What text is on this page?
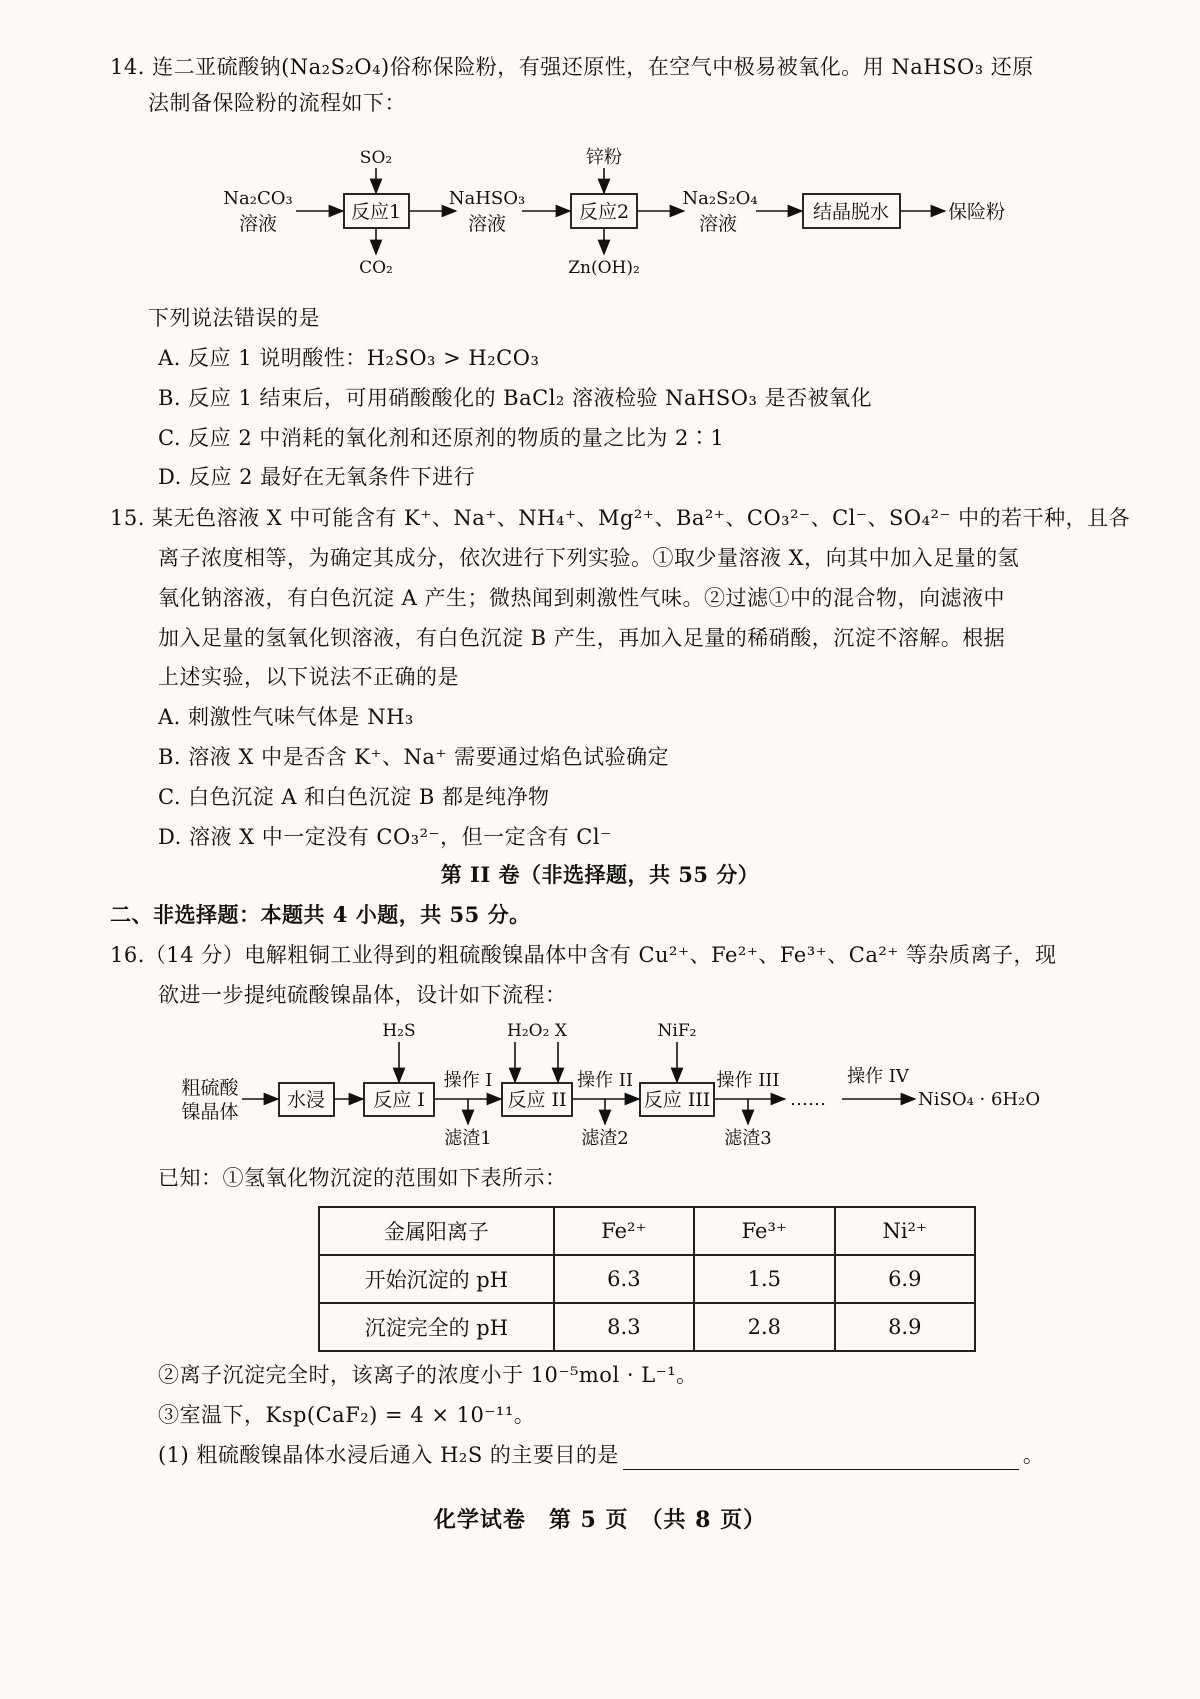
14. 连二亚硫酸钠(Na₂S₂O₄)俗称保险粉，有强还原性，在空气中极易被氧化。用 NaHSO₃ 还原
法制备保险粉的流程如下：
Na₂CO₃
溶液
反应1
SO₂
CO₂
NaHSO₃
溶液
反应2
锌粉
Zn(OH)₂
Na₂S₂O₄
溶液
结晶脱水	保险粉
下列说法错误的是
A. 反应 1 说明酸性：H₂SO₃ > H₂CO₃
B. 反应 1 结束后，可用硝酸酸化的 BaCl₂ 溶液检验 NaHSO₃ 是否被氧化
C. 反应 2 中消耗的氧化剂和还原剂的物质的量之比为 2∶1
D. 反应 2 最好在无氧条件下进行
15. 某无色溶液 X 中可能含有 K⁺、Na⁺、NH₄⁺、Mg²⁺、Ba²⁺、CO₃²⁻、Cl⁻、SO₄²⁻ 中的若干种，且各
离子浓度相等，为确定其成分，依次进行下列实验。①取少量溶液 X，向其中加入足量的氢
氧化钠溶液，有白色沉淀 A 产生；微热闻到刺激性气味。②过滤①中的混合物，向滤液中
加入足量的氢氧化钡溶液，有白色沉淀 B 产生，再加入足量的稀硝酸，沉淀不溶解。根据
上述实验，以下说法不正确的是
A. 刺激性气味气体是 NH₃
B. 溶液 X 中是否含 K⁺、Na⁺ 需要通过焰色试验确定
C. 白色沉淀 A 和白色沉淀 B 都是纯净物
D. 溶液 X 中一定没有 CO₃²⁻，但一定含有 Cl⁻
第 II 卷（非选择题，共 55 分）
二、非选择题：本题共 4 小题，共 55 分。
16.（14 分）电解粗铜工业得到的粗硫酸镍晶体中含有 Cu²⁺、Fe²⁺、Fe³⁺、Ca²⁺ 等杂质离子，现
欲进一步提纯硫酸镍晶体，设计如下流程：
粗硫酸
镍晶体
水浸	反应 I
H₂S
操作 I
滤渣1
反应 II
H₂O₂ X
操作 II
滤渣2
反应 III
NiF₂
操作 III
滤渣3
……
操作 IV
NiSO₄ · 6H₂O
已知：①氢氧化物沉淀的范围如下表所示：
金属阳离子	Fe²⁺	Fe³⁺	Ni²⁺
开始沉淀的 pH	6.3	1.5	6.9
沉淀完全的 pH	8.3	2.8	8.9
②离子沉淀完全时，该离子的浓度小于 10⁻⁵mol · L⁻¹。
③室温下，Ksp(CaF₂) = 4 × 10⁻¹¹。
(1) 粗硫酸镍晶体水浸后通入 H₂S 的主要目的是	。
化学试卷　第 5 页　（共 8 页）
